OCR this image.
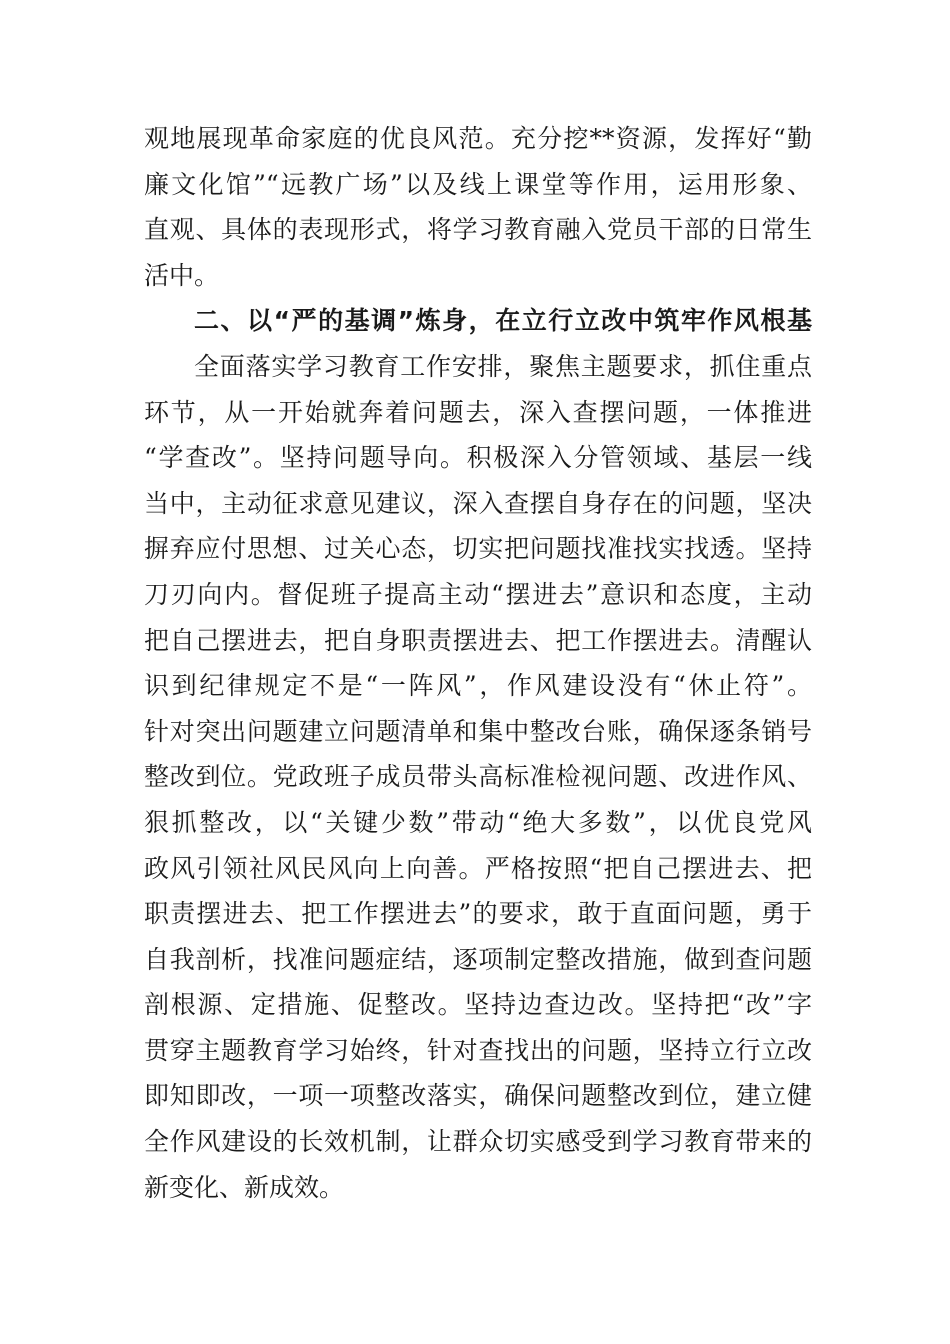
观地展现革命家庭的优良风范。充分挖**资源，发挥好“勤
廉文化馆”“远教广场”以及线上课堂等作用，运用形象、
直观、具体的表现形式，将学习教育融入党员干部的日常生
活中。
二、以“严的基调”炼身，在立行立改中筑牢作风根基
全面落实学习教育工作安排，聚焦主题要求，抓住重点
环节，从一开始就奔着问题去，深入查摆问题，一体推进
“学查改”。坚持问题导向。积极深入分管领域、基层一线
当中，主动征求意见建议，深入查摆自身存在的问题，坚决
摒弃应付思想、过关心态，切实把问题找准找实找透。坚持
刀刃向内。督促班子提高主动“摆进去”意识和态度，主动
把自己摆进去，把自身职责摆进去、把工作摆进去。清醒认
识到纪律规定不是“一阵风”，作风建设没有“休止符”。
针对突出问题建立问题清单和集中整改台账，确保逐条销号
整改到位。党政班子成员带头高标准检视问题、改进作风、
狠抓整改，以“关键少数”带动“绝大多数”，以优良党风
政风引领社风民风向上向善。严格按照“把自己摆进去、把
职责摆进去、把工作摆进去”的要求，敢于直面问题，勇于
自我剖析，找准问题症结，逐项制定整改措施，做到查问题
剖根源、定措施、促整改。坚持边查边改。坚持把“改”字
贯穿主题教育学习始终，针对查找出的问题，坚持立行立改
即知即改，一项一项整改落实，确保问题整改到位，建立健
全作风建设的长效机制，让群众切实感受到学习教育带来的
新变化、新成效。
